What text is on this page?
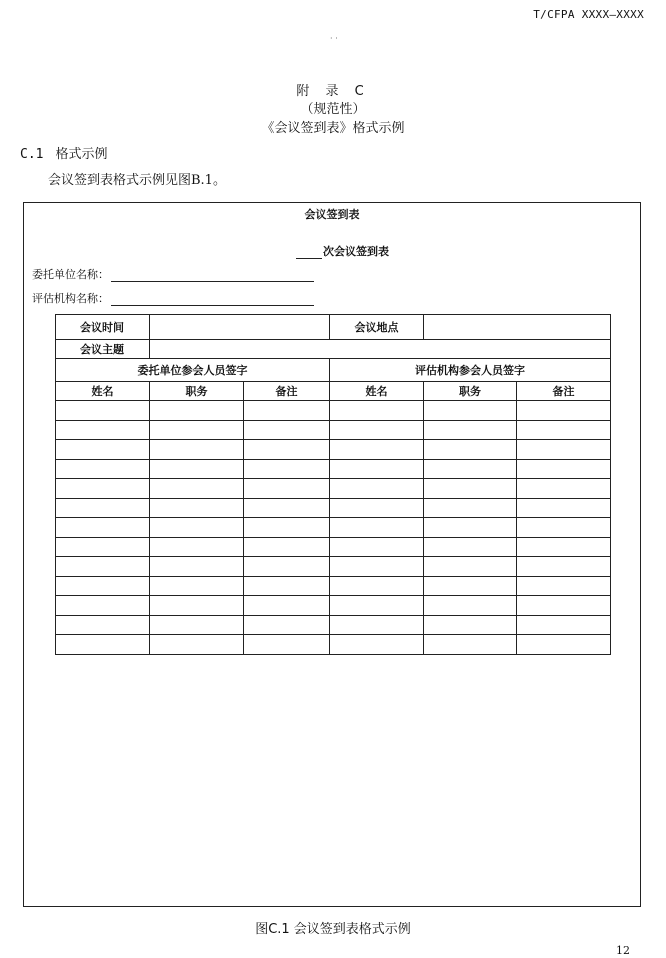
T/CFPA XXXX—XXXX
· ·
附 录 C
（规范性）
《会议签到表》格式示例
C.1 格式示例
会议签到表格式示例见图B.1。
会议签到表
次会议签到表
委托单位名称：
评估机构名称：
会议时间			会议地点		
会议主题					
委托单位参会人员签字			评估机构参会人员签字		
姓名	职务	备注	姓名	职务	备注

图C.1 会议签到表格式示例
12
